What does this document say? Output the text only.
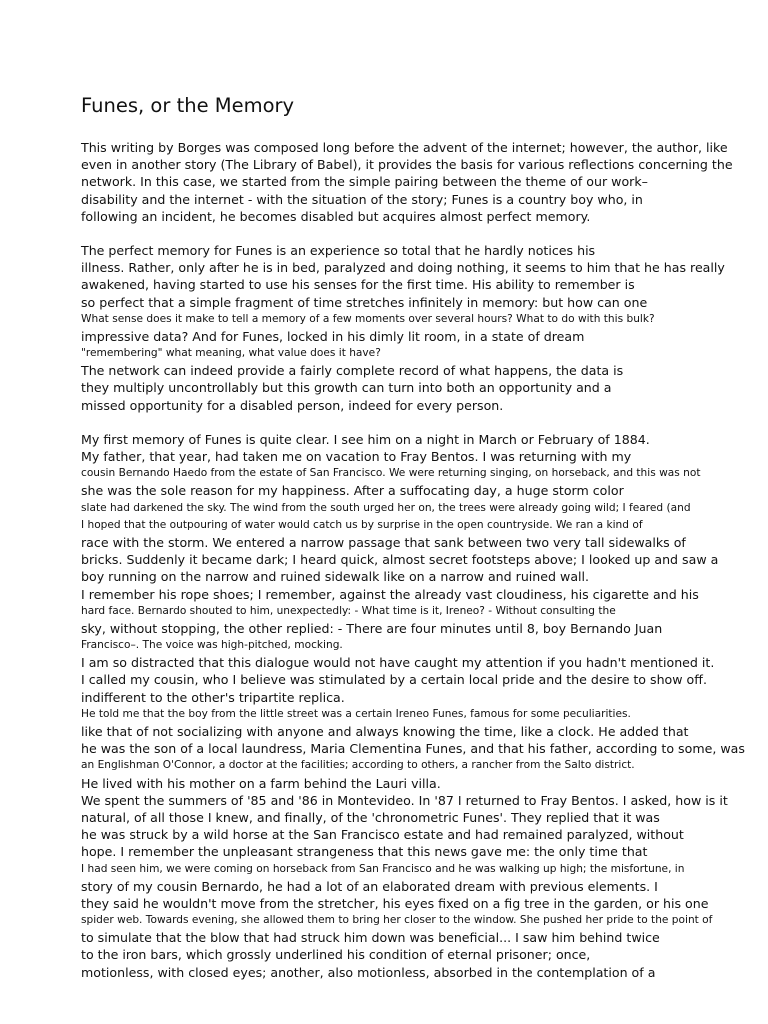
Funes, or the Memory
This writing by Borges was composed long before the advent of the internet; however, the author, like
even in another story (The Library of Babel), it provides the basis for various reflections concerning the
network. In this case, we started from the simple pairing between the theme of our work–
disability and the internet - with the situation of the story; Funes is a country boy who, in
following an incident, he becomes disabled but acquires almost perfect memory.
The perfect memory for Funes is an experience so total that he hardly notices his
illness. Rather, only after he is in bed, paralyzed and doing nothing, it seems to him that he has really
awakened, having started to use his senses for the first time. His ability to remember is
so perfect that a simple fragment of time stretches infinitely in memory: but how can one
What sense does it make to tell a memory of a few moments over several hours? What to do with this bulk?
impressive data? And for Funes, locked in his dimly lit room, in a state of dream
"remembering" what meaning, what value does it have?
The network can indeed provide a fairly complete record of what happens, the data is
they multiply uncontrollably but this growth can turn into both an opportunity and a
missed opportunity for a disabled person, indeed for every person.
My first memory of Funes is quite clear. I see him on a night in March or February of 1884.
My father, that year, had taken me on vacation to Fray Bentos. I was returning with my
cousin Bernando Haedo from the estate of San Francisco. We were returning singing, on horseback, and this was not
she was the sole reason for my happiness. After a suffocating day, a huge storm color
slate had darkened the sky. The wind from the south urged her on, the trees were already going wild; I feared (and
I hoped that the outpouring of water would catch us by surprise in the open countryside. We ran a kind of
race with the storm. We entered a narrow passage that sank between two very tall sidewalks of
bricks. Suddenly it became dark; I heard quick, almost secret footsteps above; I looked up and saw a
boy running on the narrow and ruined sidewalk like on a narrow and ruined wall.
I remember his rope shoes; I remember, against the already vast cloudiness, his cigarette and his
hard face. Bernardo shouted to him, unexpectedly: - What time is it, Ireneo? - Without consulting the
sky, without stopping, the other replied: - There are four minutes until 8, boy Bernando Juan
Francisco–. The voice was high-pitched, mocking.
I am so distracted that this dialogue would not have caught my attention if you hadn't mentioned it.
I called my cousin, who I believe was stimulated by a certain local pride and the desire to show off.
indifferent to the other's tripartite replica.
He told me that the boy from the little street was a certain Ireneo Funes, famous for some peculiarities.
like that of not socializing with anyone and always knowing the time, like a clock. He added that
he was the son of a local laundress, Maria Clementina Funes, and that his father, according to some, was
an Englishman O'Connor, a doctor at the facilities; according to others, a rancher from the Salto district.
He lived with his mother on a farm behind the Lauri villa.
We spent the summers of '85 and '86 in Montevideo. In '87 I returned to Fray Bentos. I asked, how is it
natural, of all those I knew, and finally, of the 'chronometric Funes'. They replied that it was
he was struck by a wild horse at the San Francisco estate and had remained paralyzed, without
hope. I remember the unpleasant strangeness that this news gave me: the only time that
I had seen him, we were coming on horseback from San Francisco and he was walking up high; the misfortune, in
story of my cousin Bernardo, he had a lot of an elaborated dream with previous elements. I
they said he wouldn't move from the stretcher, his eyes fixed on a fig tree in the garden, or his one
spider web. Towards evening, she allowed them to bring her closer to the window. She pushed her pride to the point of
to simulate that the blow that had struck him down was beneficial... I saw him behind twice
to the iron bars, which grossly underlined his condition of eternal prisoner; once,
motionless, with closed eyes; another, also motionless, absorbed in the contemplation of a
